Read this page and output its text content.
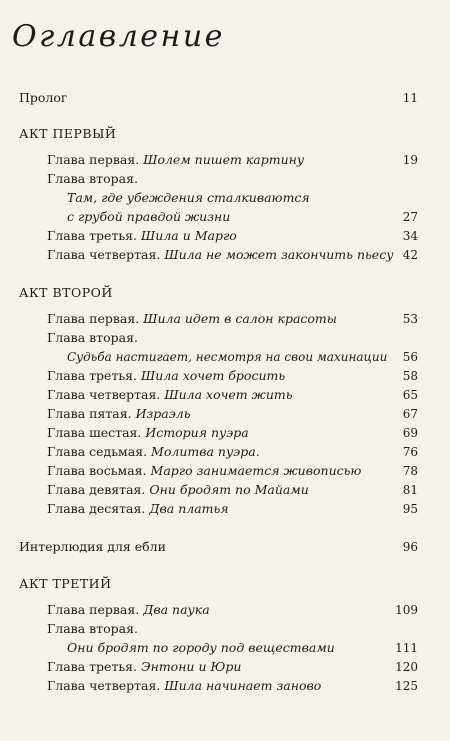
Оглавление
Пролог	11
АКТ ПЕРВЫЙ
Глава первая. Шолем пишет картину	19
Глава вторая.
Там, где убеждения сталкиваются
с грубой правдой жизни	27
Глава третья. Шила и Марго	34
Глава четвертая. Шила не может закончить пьесу 42
АКТ ВТОРОЙ
Глава первая. Шила идет в салон красоты	53
Глава вторая.
Судьба настигает, несмотря на свои махинации 56
Глава третья. Шила хочет бросить	58
Глава четвертая. Шила хочет жить	65
Глава пятая. Израэль	67
Глава шестая. История пуэра	69
Глава седьмая. Молитва пуэра.	76
Глава восьмая. Марго занимается живописью	78
Глава девятая. Они бродят по Майами	81
Глава десятая. Два платья	95
Интерлюдия для ебли	96
АКТ ТРЕТИЙ
Глава первая. Два паука	109
Глава вторая.
Они бродят по городу под веществами	111
Глава третья. Энтони и Юри	120
Глава четвертая. Шила начинает заново	125
